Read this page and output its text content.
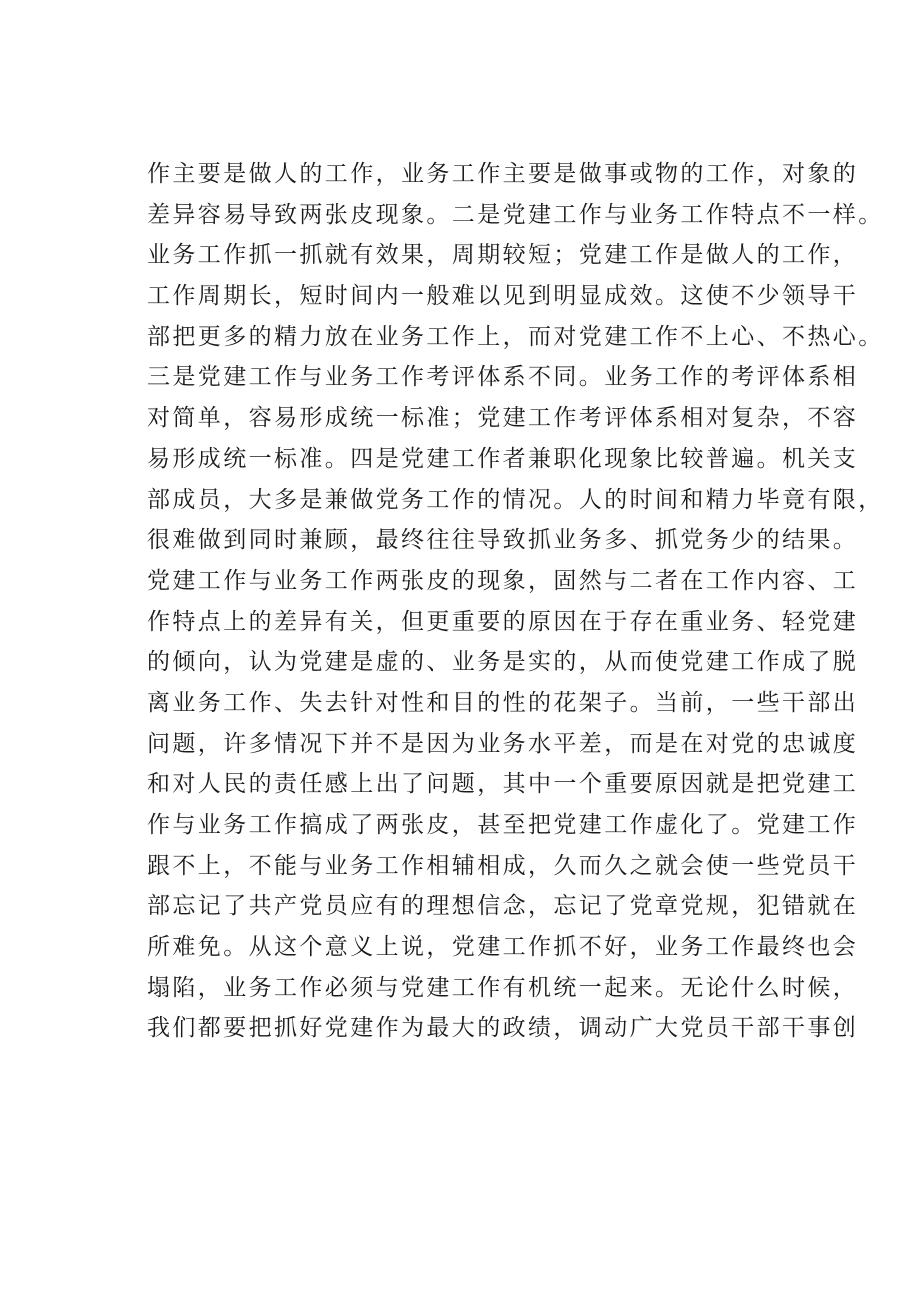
作主要是做人的工作，业务工作主要是做事或物的工作，对象的
差异容易导致两张皮现象。二是党建工作与业务工作特点不一样。
业务工作抓一抓就有效果，周期较短；党建工作是做人的工作，
工作周期长，短时间内一般难以见到明显成效。这使不少领导干
部把更多的精力放在业务工作上，而对党建工作不上心、不热心。
三是党建工作与业务工作考评体系不同。业务工作的考评体系相
对简单，容易形成统一标准；党建工作考评体系相对复杂，不容
易形成统一标准。四是党建工作者兼职化现象比较普遍。机关支
部成员，大多是兼做党务工作的情况。人的时间和精力毕竟有限，
很难做到同时兼顾，最终往往导致抓业务多、抓党务少的结果。
党建工作与业务工作两张皮的现象，固然与二者在工作内容、工
作特点上的差异有关，但更重要的原因在于存在重业务、轻党建
的倾向，认为党建是虚的、业务是实的，从而使党建工作成了脱
离业务工作、失去针对性和目的性的花架子。当前，一些干部出
问题，许多情况下并不是因为业务水平差，而是在对党的忠诚度
和对人民的责任感上出了问题，其中一个重要原因就是把党建工
作与业务工作搞成了两张皮，甚至把党建工作虚化了。党建工作
跟不上，不能与业务工作相辅相成，久而久之就会使一些党员干
部忘记了共产党员应有的理想信念，忘记了党章党规，犯错就在
所难免。从这个意义上说，党建工作抓不好，业务工作最终也会
塌陷，业务工作必须与党建工作有机统一起来。无论什么时候，
我们都要把抓好党建作为最大的政绩，调动广大党员干部干事创
